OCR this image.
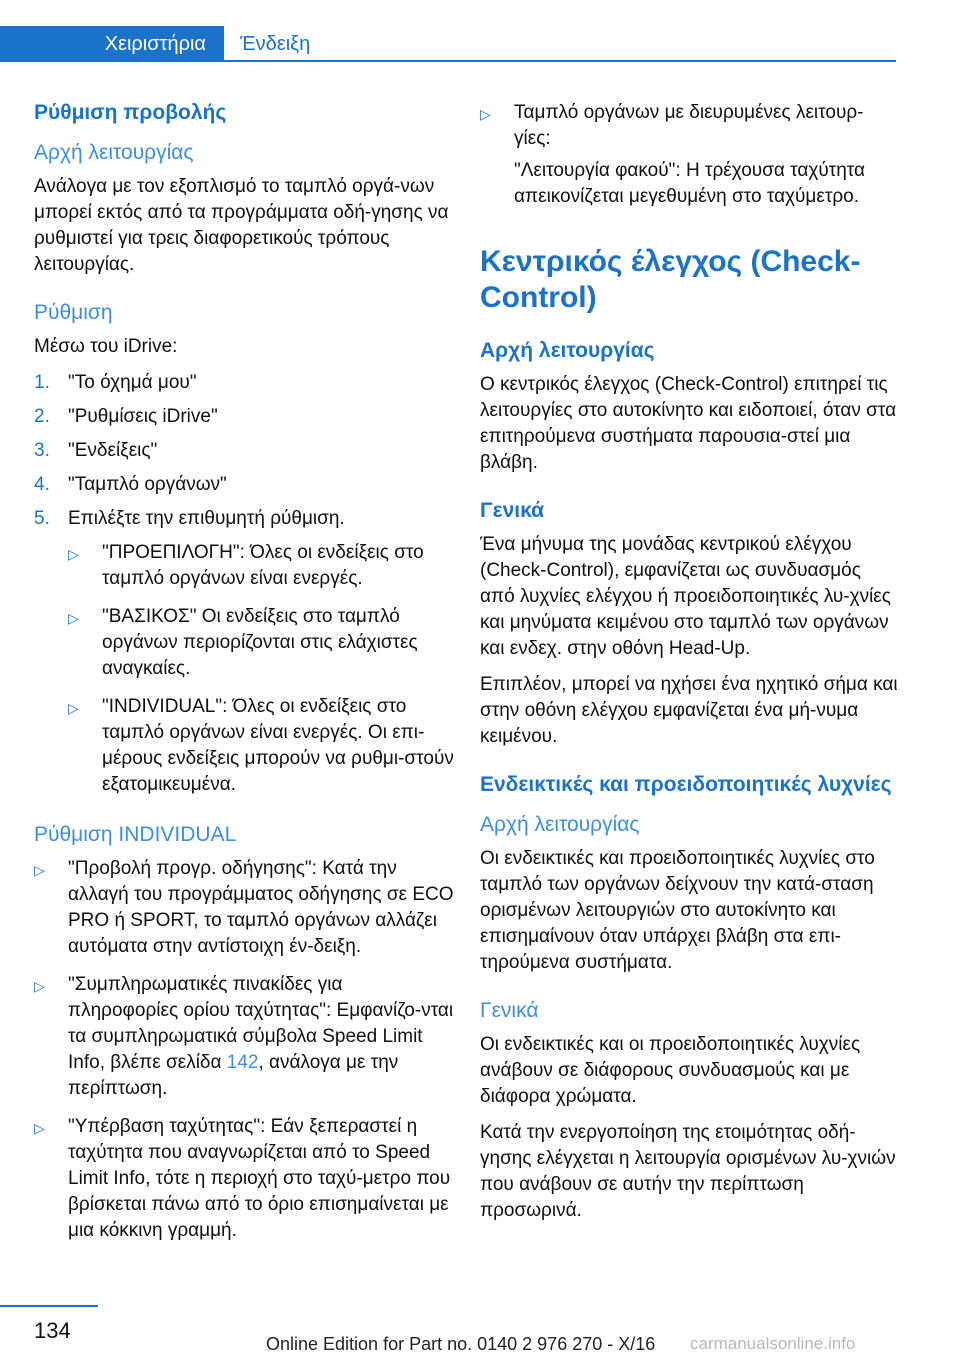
Χειριστήρια	Ένδειξη
Ρύθμιση προβολής
Αρχή λειτουργίας

Ανάλογα με τον εξοπλισμό το ταμπλό οργά-νων μπορεί εκτός από τα προγράμματα οδή-γησης να ρυθμιστεί για τρεις διαφορετικούς τρόπους λειτουργίας.

Ρύθμιση

Μέσω του iDrive:

1. "Το όχημά μου"
2. "Ρυθμίσεις iDrive"
3. "Ενδείξεις"
4. "Ταμπλό οργάνων"
5. Επιλέξτε την επιθυμητή ρύθμιση.
▷ "ΠΡΟΕΠΙΛΟΓΗ": Όλες οι ενδείξεις στο ταμπλό οργάνων είναι ενεργές.
▷ "ΒΑΣΙΚΟΣ" Οι ενδείξεις στο ταμπλό οργάνων περιορίζονται στις ελάχιστες αναγκαίες.
▷ "INDIVIDUAL": Όλες οι ενδείξεις στο ταμπλό οργάνων είναι ενεργές. Οι επι-μέρους ενδείξεις μπορούν να ρυθμι-στούν εξατομικευμένα.
Ρύθμιση INDIVIDUAL
▷ "Προβολή προγρ. οδήγησης": Κατά την αλλαγή του προγράμματος οδήγησης σε ECO PRO ή SPORT, το ταμπλό οργάνων αλλάζει αυτόματα στην αντίστοιχη έν-δειξη.
▷ "Συμπληρωματικές πινακίδες για πληροφορίες ορίου ταχύτητας": Εμφανίζο-νται τα συμπληρωματικά σύμβολα Speed Limit Info, βλέπε σελίδα 142, ανάλογα με την περίπτωση.
▷ "Υπέρβαση ταχύτητας": Εάν ξεπεραστεί η ταχύτητα που αναγνωρίζεται από το Speed Limit Info, τότε η περιοχή στο ταχύ-μετρο που βρίσκεται πάνω από το όριο επισημαίνεται με μια κόκκινη γραμμή.
▷ Ταμπλό οργάνων με διευρυμένες λειτουρ-γίες:
"Λειτουργία φακού": Η τρέχουσα ταχύτητα απεικονίζεται μεγεθυμένη στο ταχύμετρο.
Κεντρικός έλεγχος (Check-Control)
Αρχή λειτουργίας

Ο κεντρικός έλεγχος (Check-Control) επιτηρεί τις λειτουργίες στο αυτοκίνητο και ειδοποιεί, όταν στα επιτηρούμενα συστήματα παρουσια-στεί μια βλάβη.

Γενικά

Ένα μήνυμα της μονάδας κεντρικού ελέγχου (Check-Control), εμφανίζεται ως συνδυασμός από λυχνίες ελέγχου ή προειδοποιητικές λυ-χνίες και μηνύματα κειμένου στο ταμπλό των οργάνων και ενδεχ. στην οθόνη Head-Up.

Επιπλέον, μπορεί να ηχήσει ένα ηχητικό σήμα και στην οθόνη ελέγχου εμφανίζεται ένα μή-νυμα κειμένου.

Ενδεικτικές και προειδοποιητικές λυχνίες
Αρχή λειτουργίας

Οι ενδεικτικές και προειδοποιητικές λυχνίες στο ταμπλό των οργάνων δείχνουν την κατά-σταση ορισμένων λειτουργιών στο αυτοκίνητο και επισημαίνουν όταν υπάρχει βλάβη στα επι-τηρούμενα συστήματα.

Γενικά

Οι ενδεικτικές και οι προειδοποιητικές λυχνίες ανάβουν σε διάφορους συνδυασμούς και με διάφορα χρώματα.

Κατά την ενεργοποίηση της ετοιμότητας οδή-γησης ελέγχεται η λειτουργία ορισμένων λυ-χνιών που ανάβουν σε αυτήν την περίπτωση προσωρινά.

134
Online Edition for Part no. 0140 2 976 270 - X/16 carmanualsonline.info
